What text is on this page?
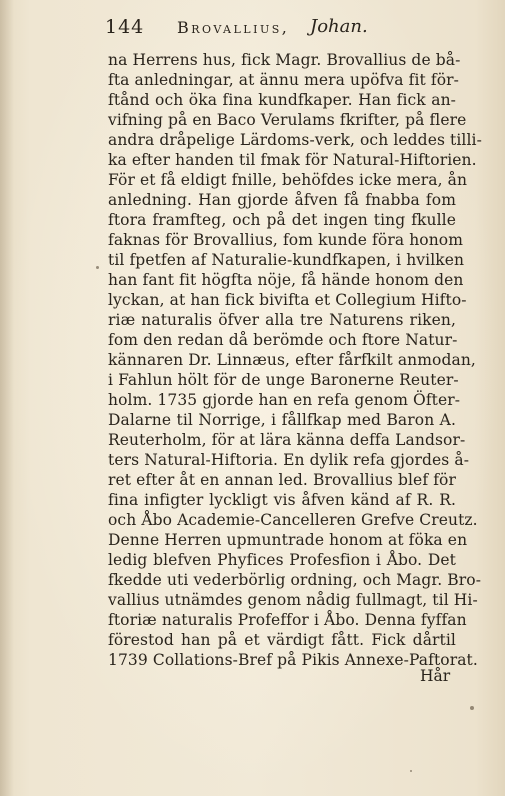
144 Brovallius, Johan.
na Herrens hus, fick Magr. Brovallius de bå-
fta anledningar, at ännu mera upöfva fit för-
ftånd och öka fina kundfkaper. Han fick an-
vifning på en Baco Verulams fkrifter, på flere
andra dråpelige Lärdoms-verk, och leddes tilli-
ka efter handen til fmak för Natural-Hiftorien.
För et få eldigt fnille, behöfdes icke mera, ån
anledning. Han gjorde åfven få fnabba fom
ftora framfteg, och på det ingen ting fkulle
faknas för Brovallius, fom kunde föra honom
til fpetfen af Naturalie-kundfkapen, i hvilken
han fant fit högfta nöje, få hände honom den
lyckan, at han fick bivifta et Collegium Hifto-
riæ naturalis öfver alla tre Naturens riken,
fom den redan då berömde och ftore Natur-
kännaren Dr. Linnæus, efter fårfkilt anmodan,
i Fahlun hölt för de unge Baronerne Reuter-
holm. 1735 gjorde han en refa genom Öfter-
Dalarne til Norrige, i fållfkap med Baron A.
Reuterholm, för at lära känna deffa Landsor-
ters Natural-Hiftoria. En dylik refa gjordes å-
ret efter åt en annan led. Brovallius blef för
fina infigter lyckligt vis åfven känd af R. R.
och Åbo Academie-Cancelleren Grefve Creutz.
Denne Herren upmuntrade honom at föka en
ledig blefven Phyfices Profesfion i Åbo. Det
fkedde uti vederbörlig ordning, och Magr. Bro-
vallius utnämdes genom nådig fullmagt, til Hi-
ftoriæ naturalis Profeffor i Åbo. Denna fyffan
förestod han på et värdigt fått. Fick dårtil
1739 Collations-Bref på Pikis Annexe-Paftorat.
Hår
